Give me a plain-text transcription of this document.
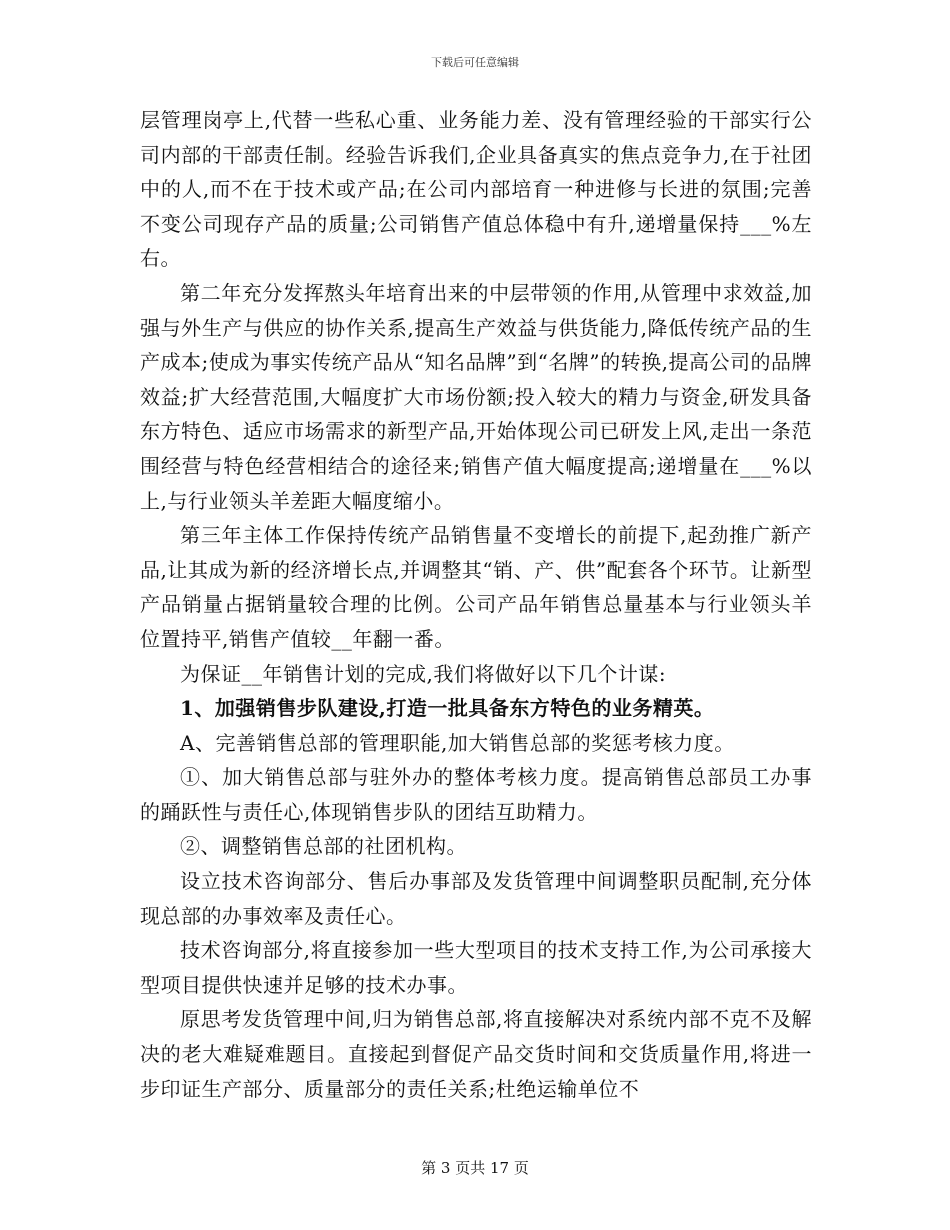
下载后可任意编辑

层管理岗亭上,代替一些私心重、业务能力差、没有管理经验的干部实行公司内部的干部责任制。经验告诉我们,企业具备真实的焦点竞争力,在于社团中的人,而不在于技术或产品;在公司内部培育一种进修与长进的氛围;完善不变公司现存产品的质量;公司销售产值总体稳中有升,递增量保持___%左右。

第二年充分发挥熬头年培育出来的中层带领的作用,从管理中求效益,加强与外生产与供应的协作关系,提高生产效益与供货能力,降低传统产品的生产成本;使成为事实传统产品从“知名品牌”到“名牌”的转换,提高公司的品牌效益;扩大经营范围,大幅度扩大市场份额;投入较大的精力与资金,研发具备东方特色、适应市场需求的新型产品,开始体现公司已研发上风,走出一条范围经营与特色经营相结合的途径来;销售产值大幅度提高;递增量在___%以上,与行业领头羊差距大幅度缩小。

第三年主体工作保持传统产品销售量不变增长的前提下,起劲推广新产品,让其成为新的经济增长点,并调整其“销、产、供”配套各个环节。让新型产品销量占据销量较合理的比例。公司产品年销售总量基本与行业领头羊位置持平,销售产值较__年翻一番。

为保证__年销售计划的完成,我们将做好以下几个计谋:

1、加强销售步队建设,打造一批具备东方特色的业务精英。

A、完善销售总部的管理职能,加大销售总部的奖惩考核力度。

①、加大销售总部与驻外办的整体考核力度。提高销售总部员工办事的踊跃性与责任心,体现销售步队的团结互助精力。

②、调整销售总部的社团机构。

设立技术咨询部分、售后办事部及发货管理中间调整职员配制,充分体现总部的办事效率及责任心。

技术咨询部分,将直接参加一些大型项目的技术支持工作,为公司承接大型项目提供快速并足够的技术办事。

原思考发货管理中间,归为销售总部,将直接解决对系统内部不克不及解决的老大难疑难题目。直接起到督促产品交货时间和交货质量作用,将进一步印证生产部分、质量部分的责任关系;杜绝运输单位不

第 3 页共 17 页
